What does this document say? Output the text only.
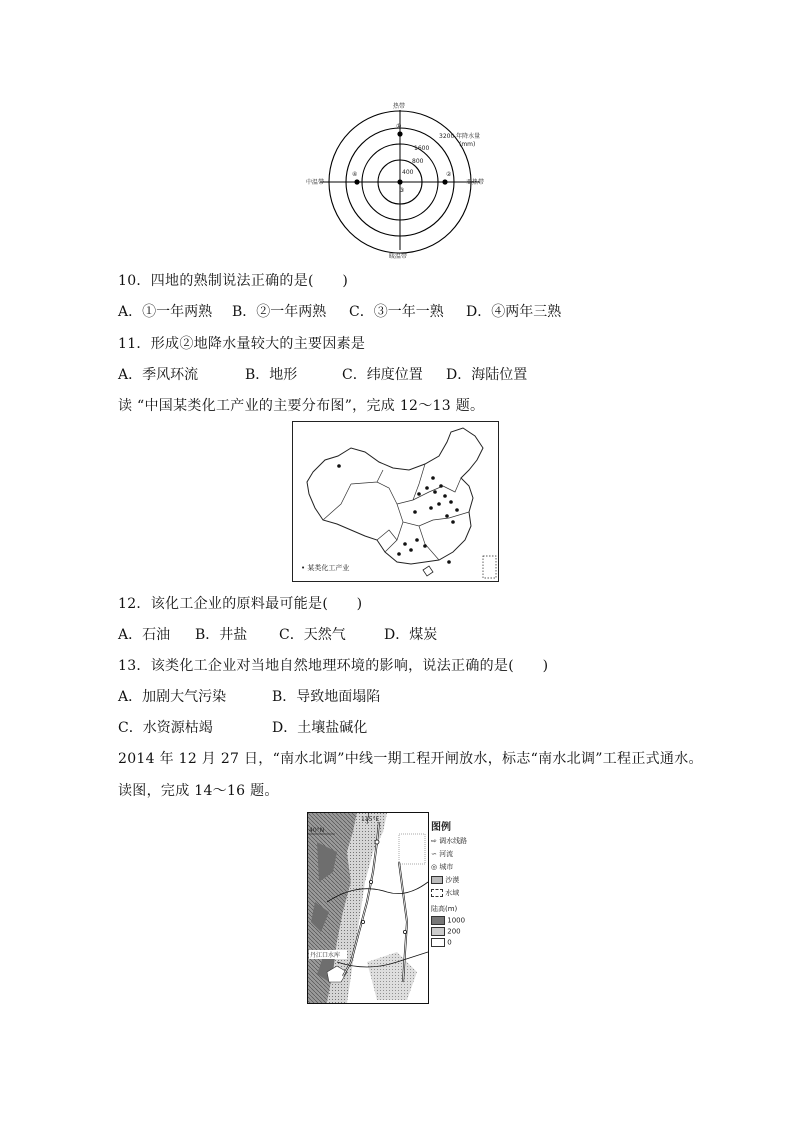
热带
暖温带
中温带	亚热带
3200 年降水量
(mm)
1600
800
400
①
②
③
④
10．四地的熟制说法正确的是(　　)
A．①一年两熟 B．②一年两熟 C．③一年一熟 D．④两年三熟
11．形成②地降水量较大的主要因素是
A．季风环流	B．地形	C．纬度位置 D．海陆位置
读 “中国某类化工产业的主要分布图”，完成 12～13 题。
• 某类化工产业
12．该化工企业的原料最可能是(　　)
A．石油 B．井盐 C．天然气	D．煤炭
13．该类化工企业对当地自然地理环境的影响，说法正确的是(　　)
A．加剧大气污染	B．导致地面塌陷
C．水资源枯竭	D．土壤盐碱化
2014 年 12 月 27 日，“南水北调”中线一期工程开闸放水，标志“南水北调”工程正式通水。
读图，完成 14～16 题。
115°E
40°N
丹江口水库
图例
⇨ 调水线路
∽ 河流
◎ 城市
沙漠
水域
陆高(m)
1000
200
0
